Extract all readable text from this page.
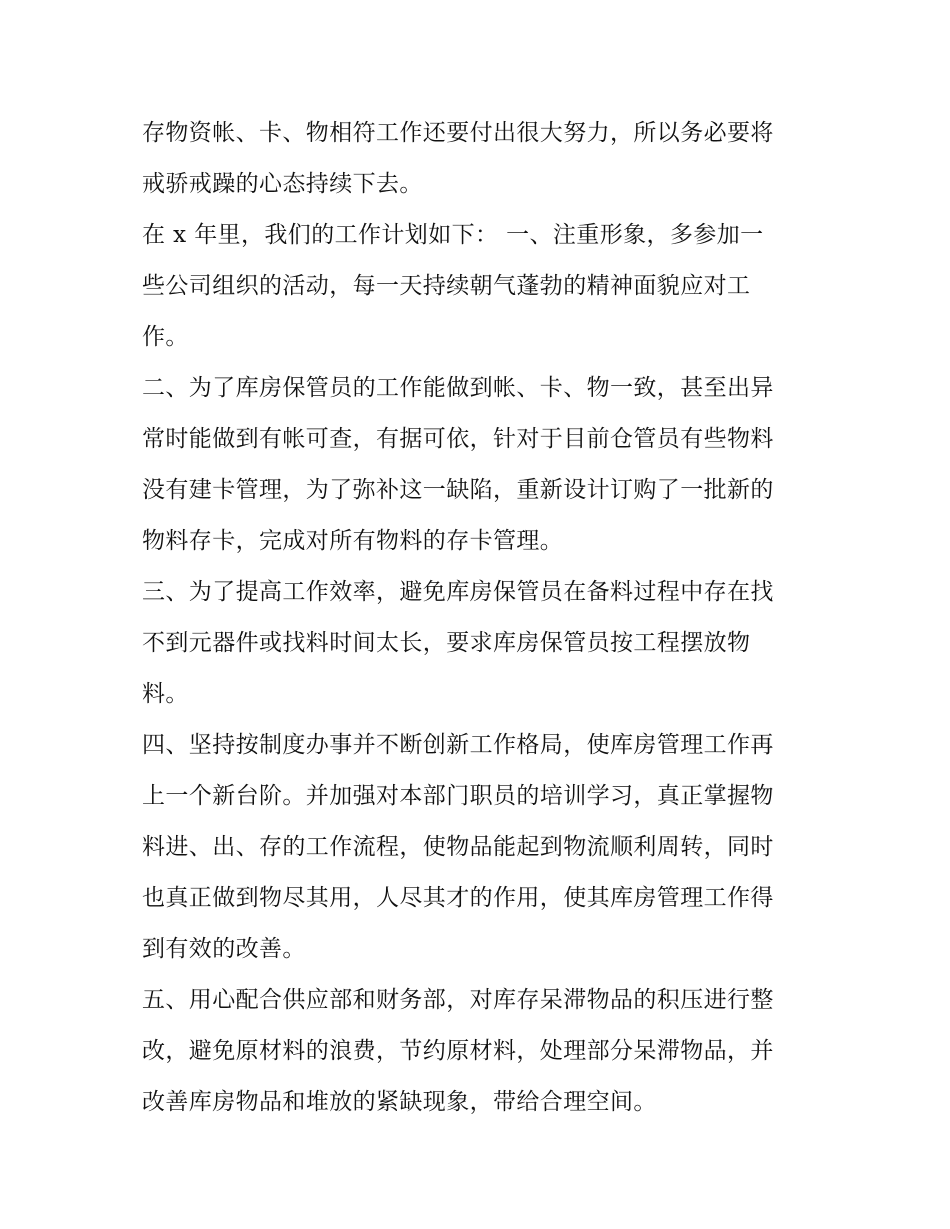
存物资帐、卡、物相符工作还要付出很大努力，所以务必要将
戒骄戒躁的心态持续下去。

在 x 年里，我们的工作计划如下： 一、注重形象，多参加一
些公司组织的活动，每一天持续朝气蓬勃的精神面貌应对工
作。

二、为了库房保管员的工作能做到帐、卡、物一致，甚至出异
常时能做到有帐可查，有据可依，针对于目前仓管员有些物料
没有建卡管理，为了弥补这一缺陷，重新设计订购了一批新的
物料存卡，完成对所有物料的存卡管理。

三、为了提高工作效率，避免库房保管员在备料过程中存在找
不到元器件或找料时间太长，要求库房保管员按工程摆放物
料。

四、坚持按制度办事并不断创新工作格局，使库房管理工作再
上一个新台阶。并加强对本部门职员的培训学习，真正掌握物
料进、出、存的工作流程，使物品能起到物流顺利周转，同时
也真正做到物尽其用，人尽其才的作用，使其库房管理工作得
到有效的改善。

五、用心配合供应部和财务部，对库存呆滞物品的积压进行整
改，避免原材料的浪费，节约原材料，处理部分呆滞物品，并
改善库房物品和堆放的紧缺现象，带给合理空间。
